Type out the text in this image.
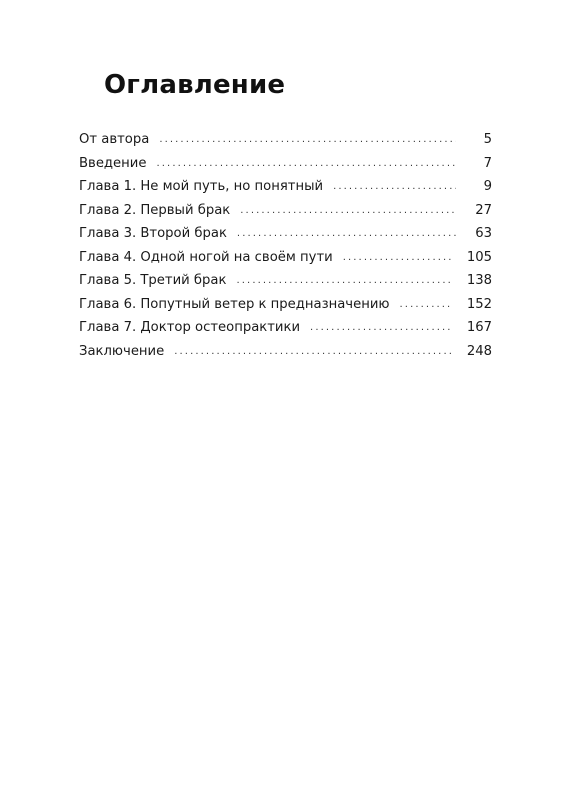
Оглавление
От автора .....	5
Введение .....	7
Глава 1. Не мой путь, но понятный .....	9
Глава 2. Первый брак .....	27
Глава 3. Второй брак .....	63
Глава 4. Одной ногой на своём пути .....	105
Глава 5. Третий брак .....	138
Глава 6. Попутный ветер к предназначению .....	152
Глава 7. Доктор остеопрактики .....	167
Заключение .....	248
